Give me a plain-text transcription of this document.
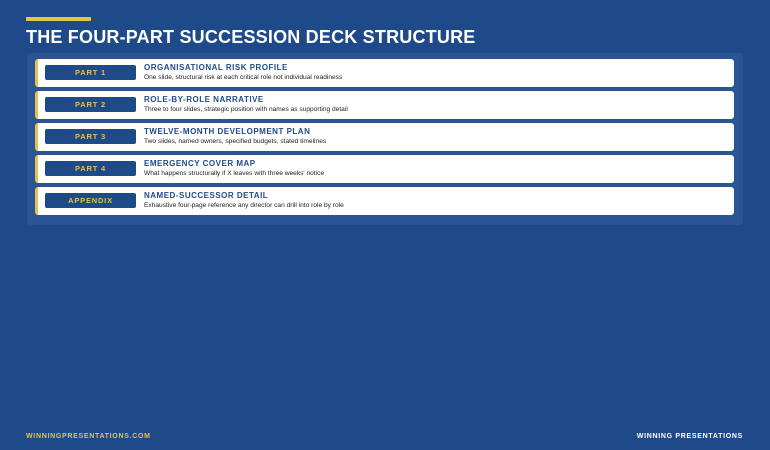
THE FOUR-PART SUCCESSION DECK STRUCTURE
PART 1
ORGANISATIONAL RISK PROFILE
One slide, structural risk at each critical role not individual readiness
PART 2
ROLE-BY-ROLE NARRATIVE
Three to four slides, strategic position with names as supporting detail
PART 3
TWELVE-MONTH DEVELOPMENT PLAN
Two slides, named owners, specified budgets, stated timelines
PART 4
EMERGENCY COVER MAP
What happens structurally if X leaves with three weeks' notice
APPENDIX
NAMED-SUCCESSOR DETAIL
Exhaustive four-page reference any director can drill into role by role
WINNINGPRESENTATIONS.COM	WINNING PRESENTATIONS
